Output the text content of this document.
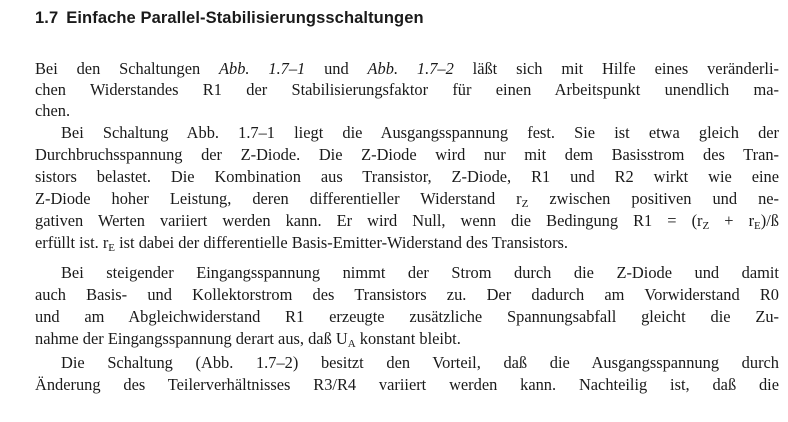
1.7 Einfache Parallel-Stabilisierungsschaltungen
Bei den Schaltungen Abb. 1.7–1 und Abb. 1.7–2 läßt sich mit Hilfe eines veränderli-
chen Widerstandes R1 der Stabilisierungsfaktor für einen Arbeitspunkt unendlich ma-
chen.
Bei Schaltung Abb. 1.7–1 liegt die Ausgangsspannung fest. Sie ist etwa gleich der
Durchbruchsspannung der Z-Diode. Die Z-Diode wird nur mit dem Basisstrom des Tran-
sistors belastet. Die Kombination aus Transistor, Z-Diode, R1 und R2 wirkt wie eine
Z-Diode hoher Leistung, deren differentieller Widerstand $r_Z$ zwischen positiven und ne-
gativen Werten variiert werden kann. Er wird Null, wenn die Bedingung $R1 = (r_Z$ + $r_E)/ß$
erfüllt ist. $r_E$ ist dabei der differentielle Basis-Emitter-Widerstand des Transistors.
Bei steigender Eingangsspannung nimmt der Strom durch die Z-Diode und damit
auch Basis- und Kollektorstrom des Transistors zu. Der dadurch am Vorwiderstand R0
und am Abgleichwiderstand R1 erzeugte zusätzliche Spannungsabfall gleicht die Zu-
nahme der Eingangsspannung derart aus, daß $U_A$ konstant bleibt.
Die Schaltung (Abb. 1.7–2) besitzt den Vorteil, daß die Ausgangsspannung durch
Änderung des Teilerverhältnisses R3/R4 variiert werden kann. Nachteilig ist, daß die
